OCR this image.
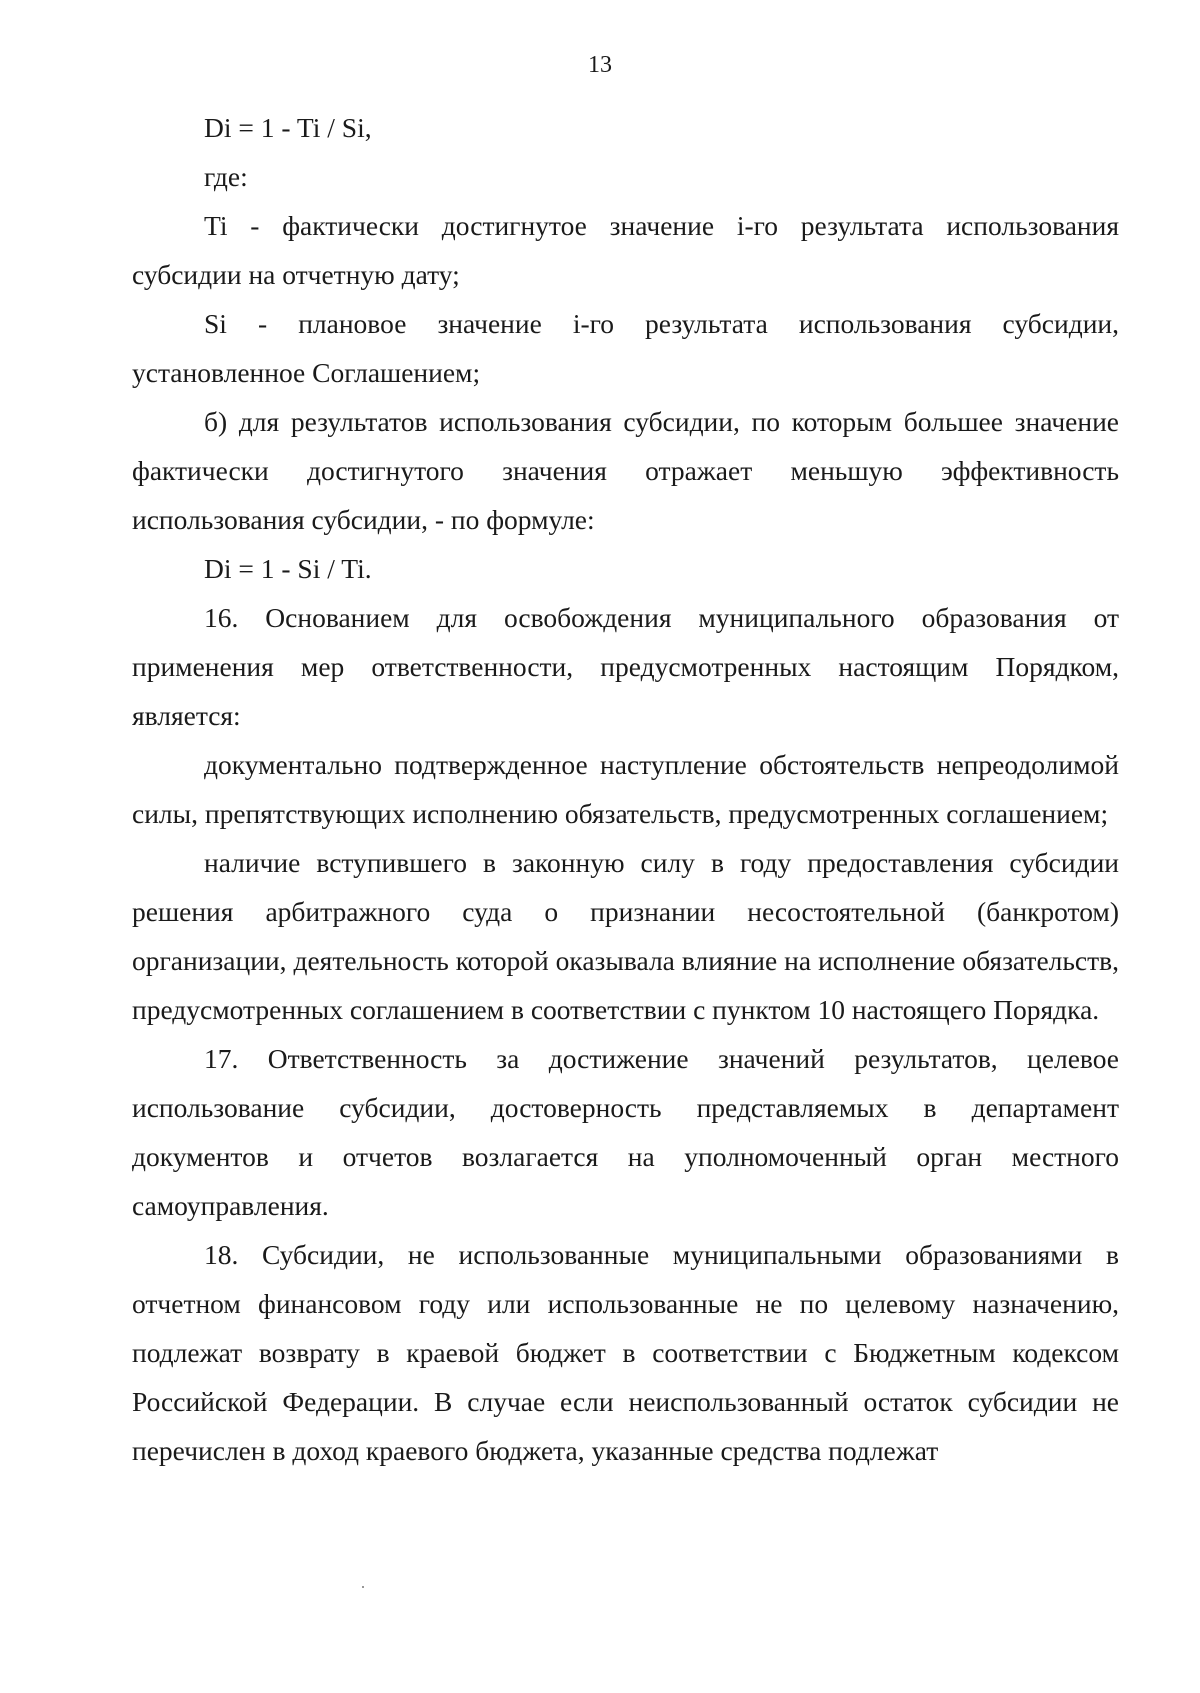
13

Di = 1 - Ti / Si,

где:

Ti - фактически достигнутое значение i-го результата использования субсидии на отчетную дату;

Si - плановое значение i-го результата использования субсидии, установленное Соглашением;

б) для результатов использования субсидии, по которым большее значение фактически достигнутого значения отражает меньшую эффективность использования субсидии, - по формуле:

Di = 1 - Si / Ti.

16. Основанием для освобождения муниципального образования от применения мер ответственности, предусмотренных настоящим Порядком, является:

документально подтвержденное наступление обстоятельств непреодолимой силы, препятствующих исполнению обязательств, предусмотренных соглашением;

наличие вступившего в законную силу в году предоставления субсидии решения арбитражного суда о признании несостоятельной (банкротом) организации, деятельность которой оказывала влияние на исполнение обязательств, предусмотренных соглашением в соответствии с пунктом 10 настоящего Порядка.

17. Ответственность за достижение значений результатов, целевое использование субсидии, достоверность представляемых в департамент документов и отчетов возлагается на уполномоченный орган местного самоуправления.

18. Субсидии, не использованные муниципальными образованиями в отчетном финансовом году или использованные не по целевому назначению, подлежат возврату в краевой бюджет в соответствии с Бюджетным кодексом Российской Федерации. В случае если неиспользованный остаток субсидии не перечислен в доход краевого бюджета, указанные средства подлежат
